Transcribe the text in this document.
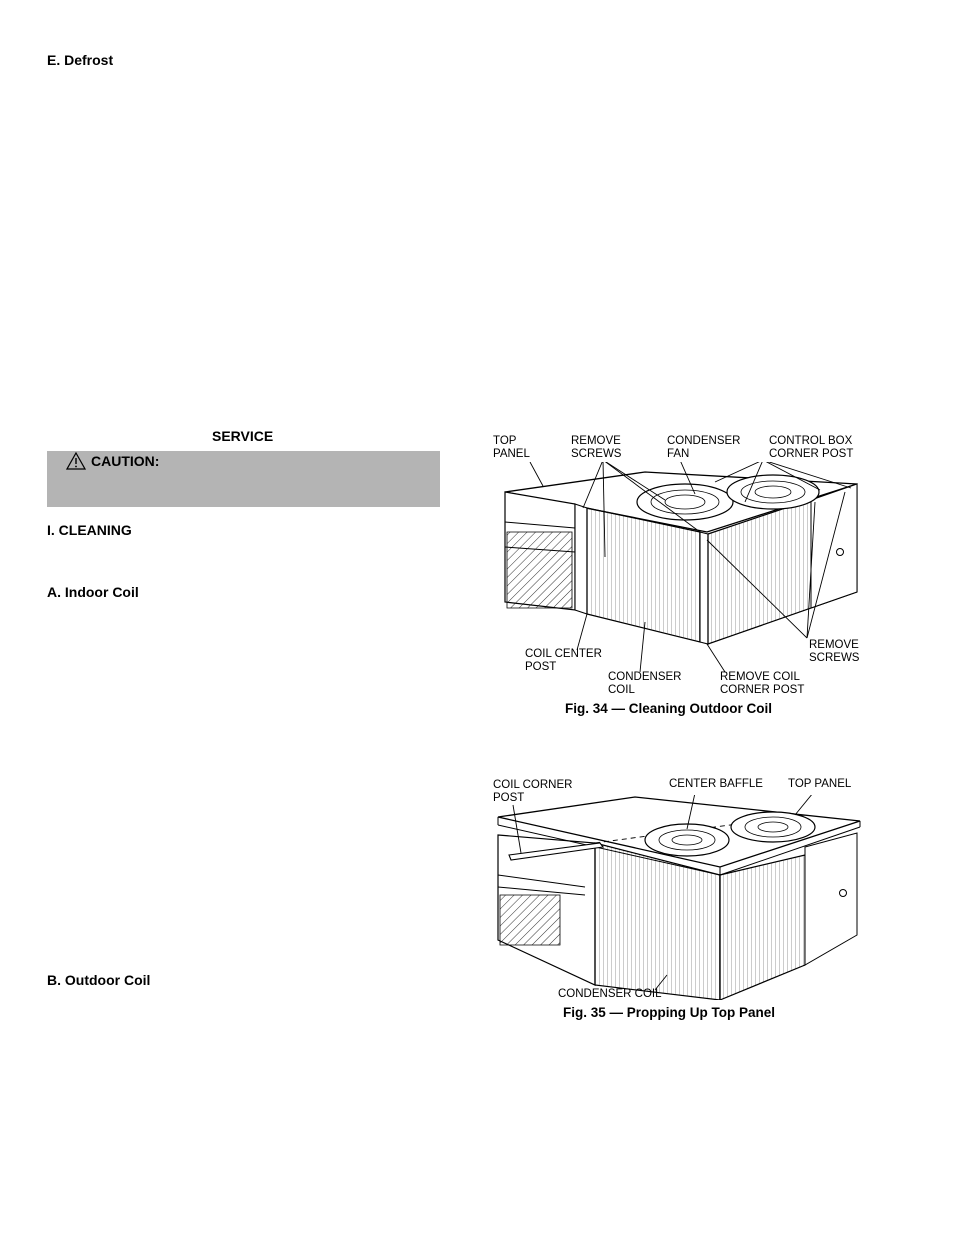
E. Defrost
SERVICE
CAUTION:
I. CLEANING
A. Indoor Coil
B. Outdoor Coil
TOP
PANEL
REMOVE
SCREWS
CONDENSER
FAN
CONTROL BOX
CORNER POST
REMOVE
SCREWS
COIL CENTER
POST
CONDENSER
COIL
REMOVE COIL
CORNER POST
Fig. 34 — Cleaning Outdoor Coil
COIL CORNER
POST
CENTER BAFFLE TOP PANEL
CONDENSER COIL
Fig. 35 — Propping Up Top Panel
